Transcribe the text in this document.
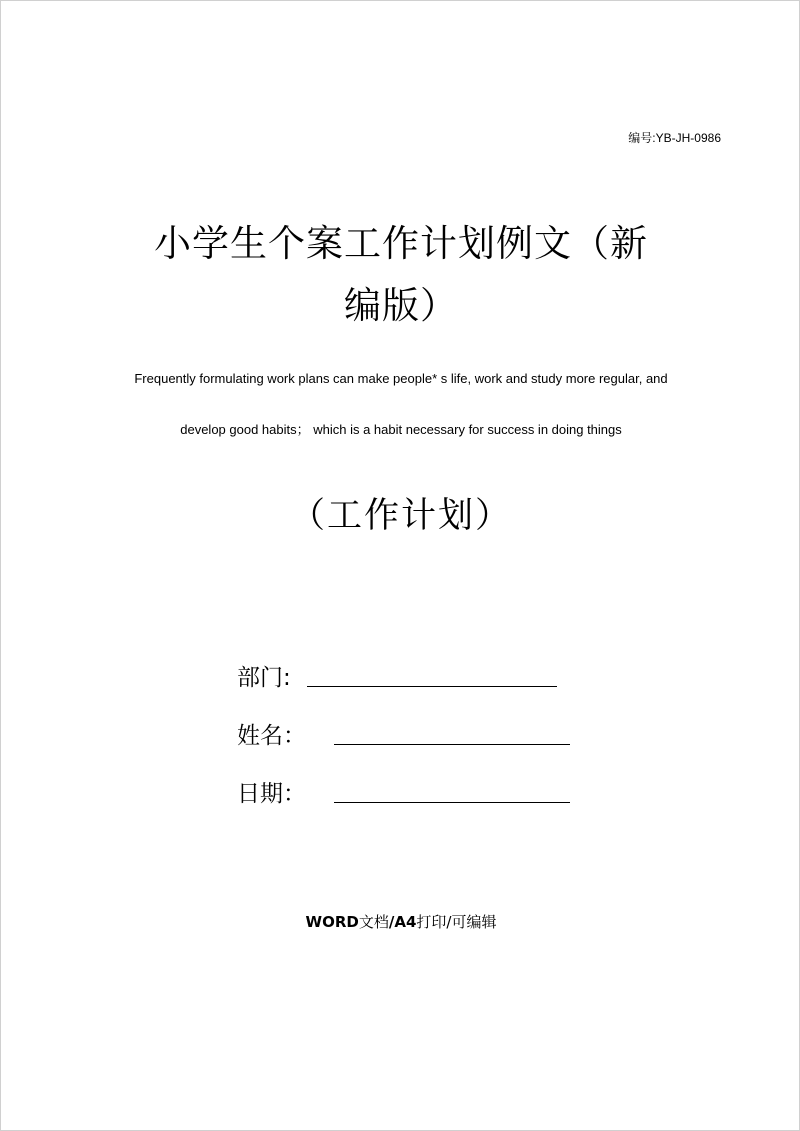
编号:YB-JH-0986
小学生个案工作计划例文（新
编版）
Frequently formulating work plans can make people* s life, work and study more regular, and
develop good habits； which is a habit necessary for success in doing things
（工作计划）
部门:
姓名：
日期：
WORD文档/A4打印/可编辑
